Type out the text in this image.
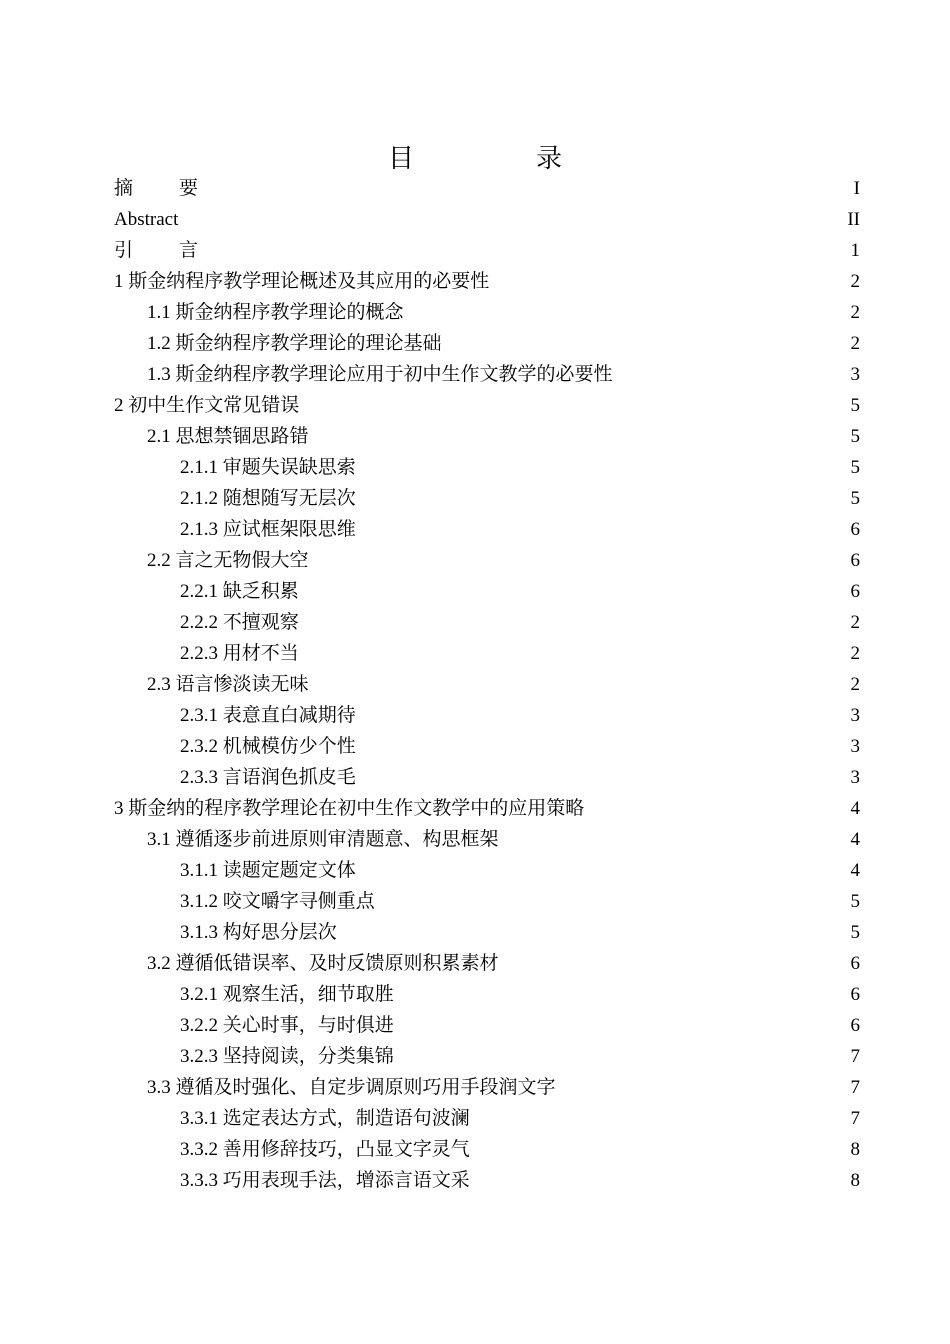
目　录
摘要	I
Abstract	II
引言	1
1 斯金纳程序教学理论概述及其应用的必要性	2
1.1 斯金纳程序教学理论的概念	2
1.2 斯金纳程序教学理论的理论基础	2
1.3 斯金纳程序教学理论应用于初中生作文教学的必要性	3
2 初中生作文常见错误	5
2.1 思想禁锢思路错	5
2.1.1 审题失误缺思索	5
2.1.2 随想随写无层次	5
2.1.3 应试框架限思维	6
2.2 言之无物假大空	6
2.2.1 缺乏积累	6
2.2.2 不擅观察	2
2.2.3 用材不当	2
2.3 语言惨淡读无味	2
2.3.1 表意直白减期待	3
2.3.2 机械模仿少个性	3
2.3.3 言语润色抓皮毛	3
3 斯金纳的程序教学理论在初中生作文教学中的应用策略	4
3.1 遵循逐步前进原则审清题意、构思框架	4
3.1.1 读题定题定文体	4
3.1.2 咬文嚼字寻侧重点	5
3.1.3 构好思分层次	5
3.2 遵循低错误率、及时反馈原则积累素材	6
3.2.1 观察生活，细节取胜	6
3.2.2 关心时事，与时俱进	6
3.2.3 坚持阅读，分类集锦	7
3.3 遵循及时强化、自定步调原则巧用手段润文字	7
3.3.1 选定表达方式，制造语句波澜	7
3.3.2 善用修辞技巧，凸显文字灵气	8
3.3.3 巧用表现手法，增添言语文采	8
